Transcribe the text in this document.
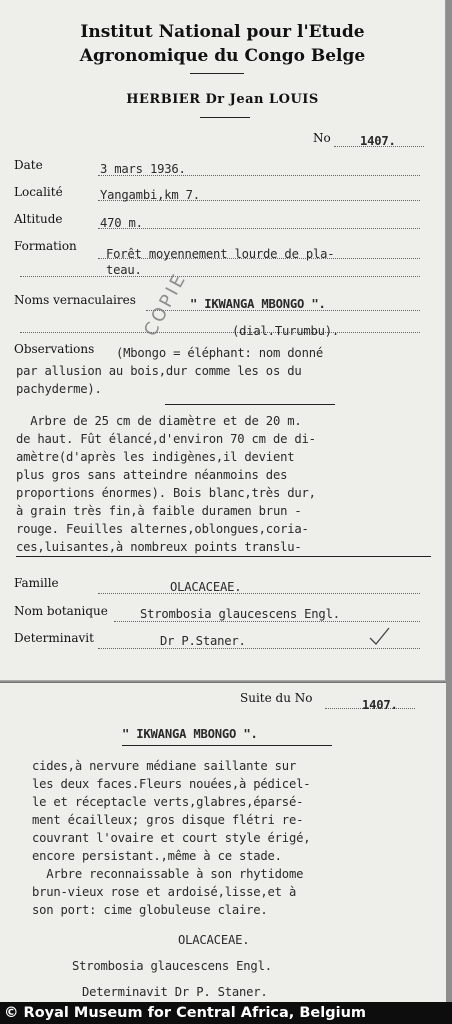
Institut National pour l'Etude
Agronomique du Congo Belge
HERBIER Dr Jean LOUIS
No 1407.
Date	3 mars 1936.
Localité	Yangambi,km 7.
Altitude	470 m.
Formation
Forêt moyennement lourde de pla-
teau.
Noms vernaculaires	" IKWANGA MBONGO ".
(dial.Turumbu).
Observations (Mbongo = éléphant: nom donné
par allusion au bois,dur comme les os du
pachyderme).
Arbre de 25 cm de diamètre et de 20 m.
de haut. Fût élancé,d'environ 70 cm de di-
amètre(d'après les indigènes,il devient
plus gros sans atteindre néanmoins des
proportions énormes). Bois blanc,très dur,
à grain très fin,à faible duramen brun -
rouge. Feuilles alternes,oblongues,coria-
ces,luisantes,à nombreux points translu-
Famille	OLACACEAE.
Nom botanique	Strombosia glaucescens Engl.
Determinavit	Dr P.Staner.
COPIE
Suite du No	1407.
" IKWANGA MBONGO ".
cides,à nervure médiane saillante sur
les deux faces.Fleurs nouées,à pédicel-
le et réceptacle verts,glabres,éparsé-
ment écailleux; gros disque flétri re-
couvrant l'ovaire et court style érigé,
encore persistant.,même à ce stade.
Arbre reconnaissable à son rhytidome
brun-vieux rose et ardoisé,lisse,et à
son port: cime globuleuse claire.
OLACACEAE.
Strombosia glaucescens Engl.
Determinavit Dr P. Staner.
© Royal Museum for Central Africa, Belgium
